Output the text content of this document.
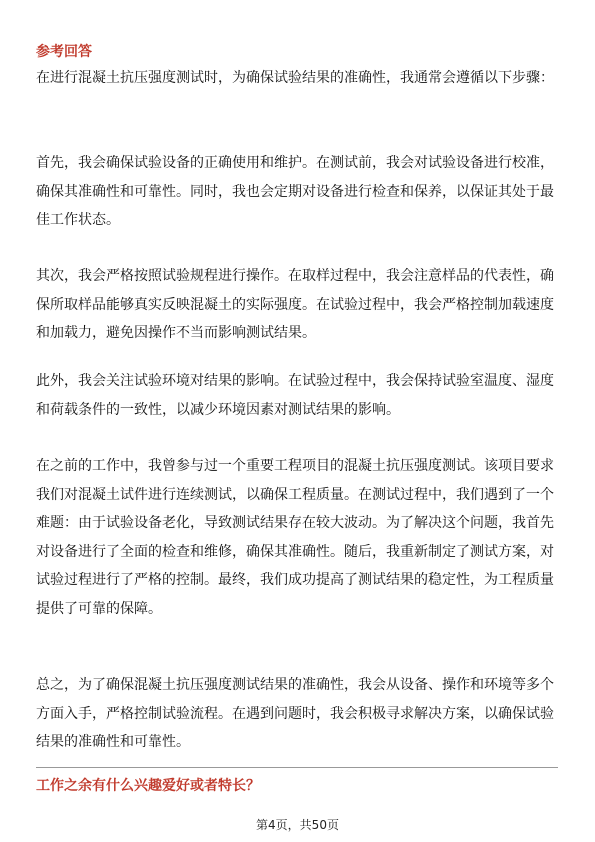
参考回答

在进行混凝土抗压强度测试时，为确保试验结果的准确性，我通常会遵循以下步骤：

首先，我会确保试验设备的正确使用和维护。在测试前，我会对试验设备进行校准，确保其准确性和可靠性。同时，我也会定期对设备进行检查和保养，以保证其处于最佳工作状态。

其次，我会严格按照试验规程进行操作。在取样过程中，我会注意样品的代表性，确保所取样品能够真实反映混凝土的实际强度。在试验过程中，我会严格控制加载速度和加载力，避免因操作不当而影响测试结果。

此外，我会关注试验环境对结果的影响。在试验过程中，我会保持试验室温度、湿度和荷载条件的一致性，以减少环境因素对测试结果的影响。

在之前的工作中，我曾参与过一个重要工程项目的混凝土抗压强度测试。该项目要求我们对混凝土试件进行连续测试，以确保工程质量。在测试过程中，我们遇到了一个难题：由于试验设备老化，导致测试结果存在较大波动。为了解决这个问题，我首先对设备进行了全面的检查和维修，确保其准确性。随后，我重新制定了测试方案，对试验过程进行了严格的控制。最终，我们成功提高了测试结果的稳定性，为工程质量提供了可靠的保障。

总之，为了确保混凝土抗压强度测试结果的准确性，我会从设备、操作和环境等多个方面入手，严格控制试验流程。在遇到问题时，我会积极寻求解决方案，以确保试验结果的准确性和可靠性。

工作之余有什么兴趣爱好或者特长？
第4页，共50页
